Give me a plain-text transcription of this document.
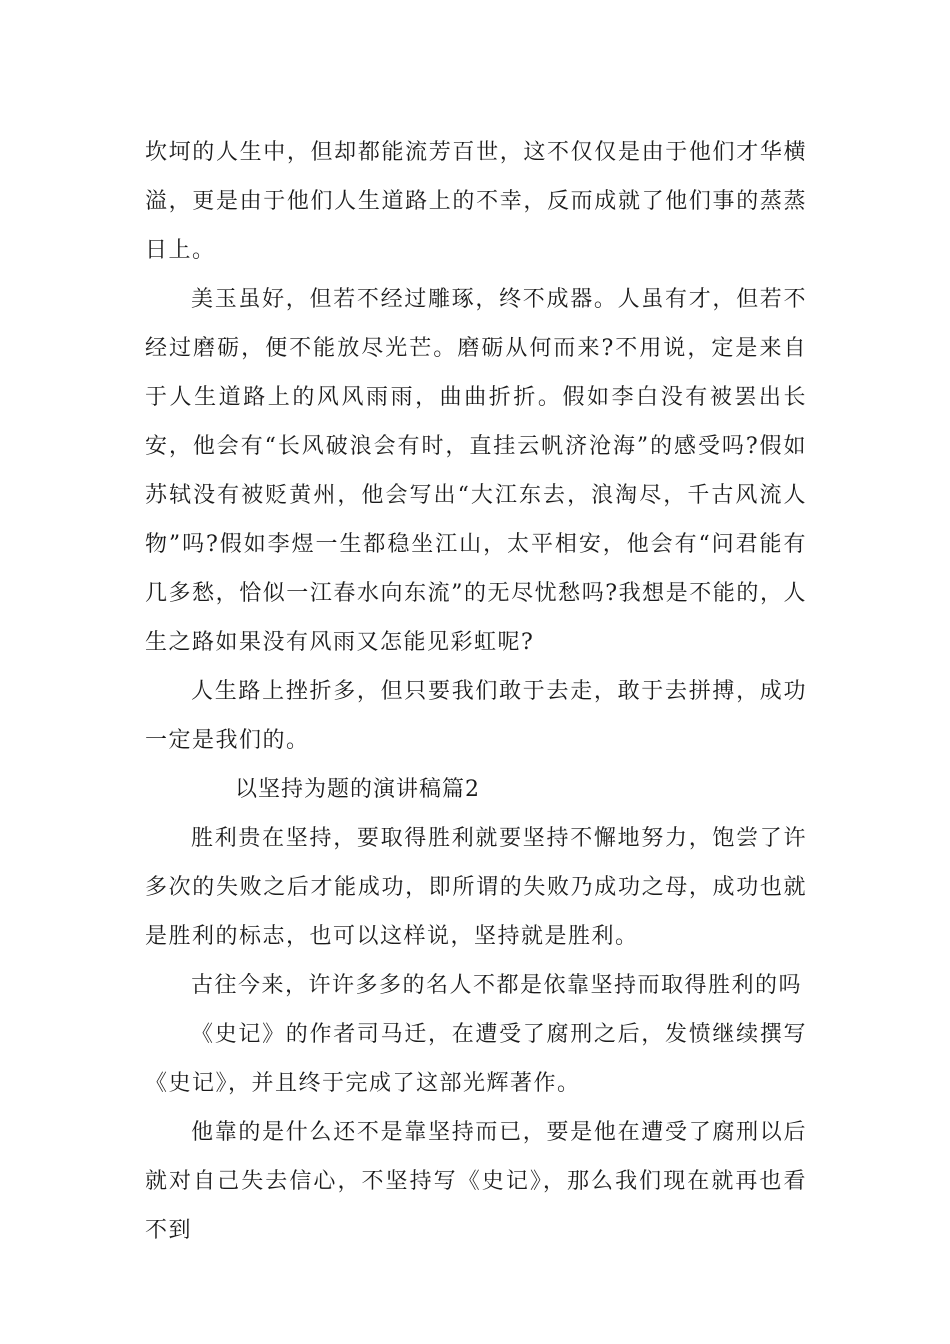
坎坷的人生中，但却都能流芳百世，这不仅仅是由于他们才华横溢，更是由于他们人生道路上的不幸，反而成就了他们事的蒸蒸日上。

美玉虽好，但若不经过雕琢，终不成器。人虽有才，但若不经过磨砺，便不能放尽光芒。磨砺从何而来?不用说，定是来自于人生道路上的风风雨雨，曲曲折折。假如李白没有被罢出长安，他会有“长风破浪会有时，直挂云帆济沧海”的感受吗?假如苏轼没有被贬黄州，他会写出“大江东去，浪淘尽，千古风流人物”吗?假如李煜一生都稳坐江山，太平相安，他会有“问君能有几多愁，恰似一江春水向东流”的无尽忧愁吗?我想是不能的，人生之路如果没有风雨又怎能见彩虹呢?

人生路上挫折多，但只要我们敢于去走，敢于去拼搏，成功一定是我们的。

以坚持为题的演讲稿篇2

胜利贵在坚持，要取得胜利就要坚持不懈地努力，饱尝了许多次的失败之后才能成功，即所谓的失败乃成功之母，成功也就是胜利的标志，也可以这样说，坚持就是胜利。

古往今来，许许多多的名人不都是依靠坚持而取得胜利的吗

《史记》的作者司马迁，在遭受了腐刑之后，发愤继续撰写《史记》，并且终于完成了这部光辉著作。

他靠的是什么还不是靠坚持而已，要是他在遭受了腐刑以后就对自己失去信心，不坚持写《史记》，那么我们现在就再也看不到
